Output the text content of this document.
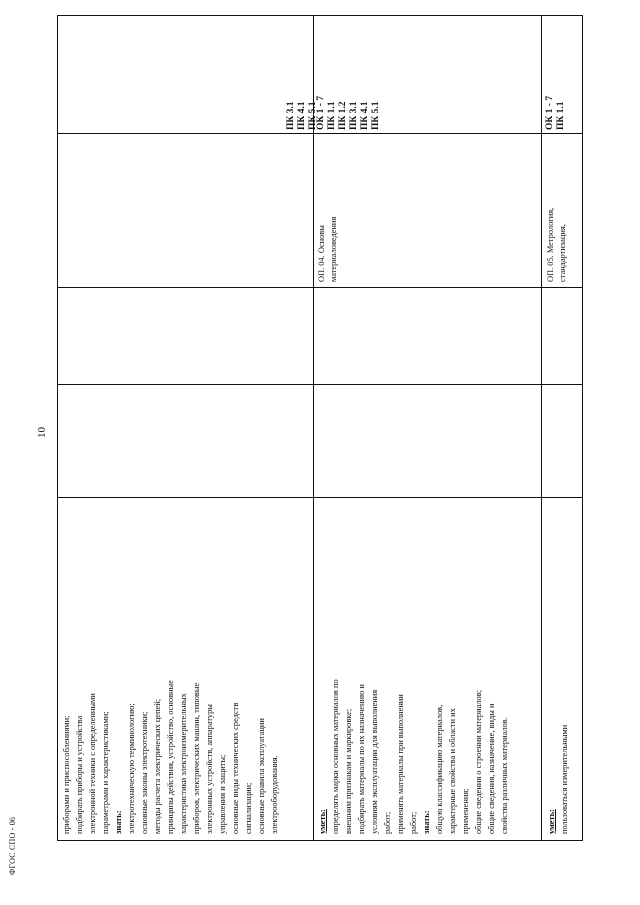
ФГОС СПО - 06
10
приборами и приспособлениями; подбирать приборы и устройства электронной техники с определенными параметрами и характеристиками; знать: электротехническую терминологию; основные законы электротехники; методы расчета электрических цепей; принципы действия, устройство, основные характеристики электроизмерительных приборов, электрических машин, типовые электронных устройств, аппаратуры управления и защиты; основные виды технических средств сигнализации; основные правила эксплуатации электрооборудования.
ПК 3.1 ПК 4.1 ПК 5.1
уметь: определять марки основных материалов по внешним признакам и маркировке; подбирать материалы по их назначению и условиям эксплуатации для выполнения работ; применять материалы при выполнении работ; знать: общую классификацию материалов, характерные свойства и области их применения; общие сведения о строении материалов; общие сведения, назначение, виды и свойства различных материалов.
ОП. 04. Основы материаловедения
ОК 1 - 7 ПК 1.1 ПК 1.2 ПК 3.1 ПК 4.1 ПК 5.1
уметь: пользоваться измерительными
ОП. 05. Метрология, стандартизация,
ОК 1 - 7 ПК 1.1
